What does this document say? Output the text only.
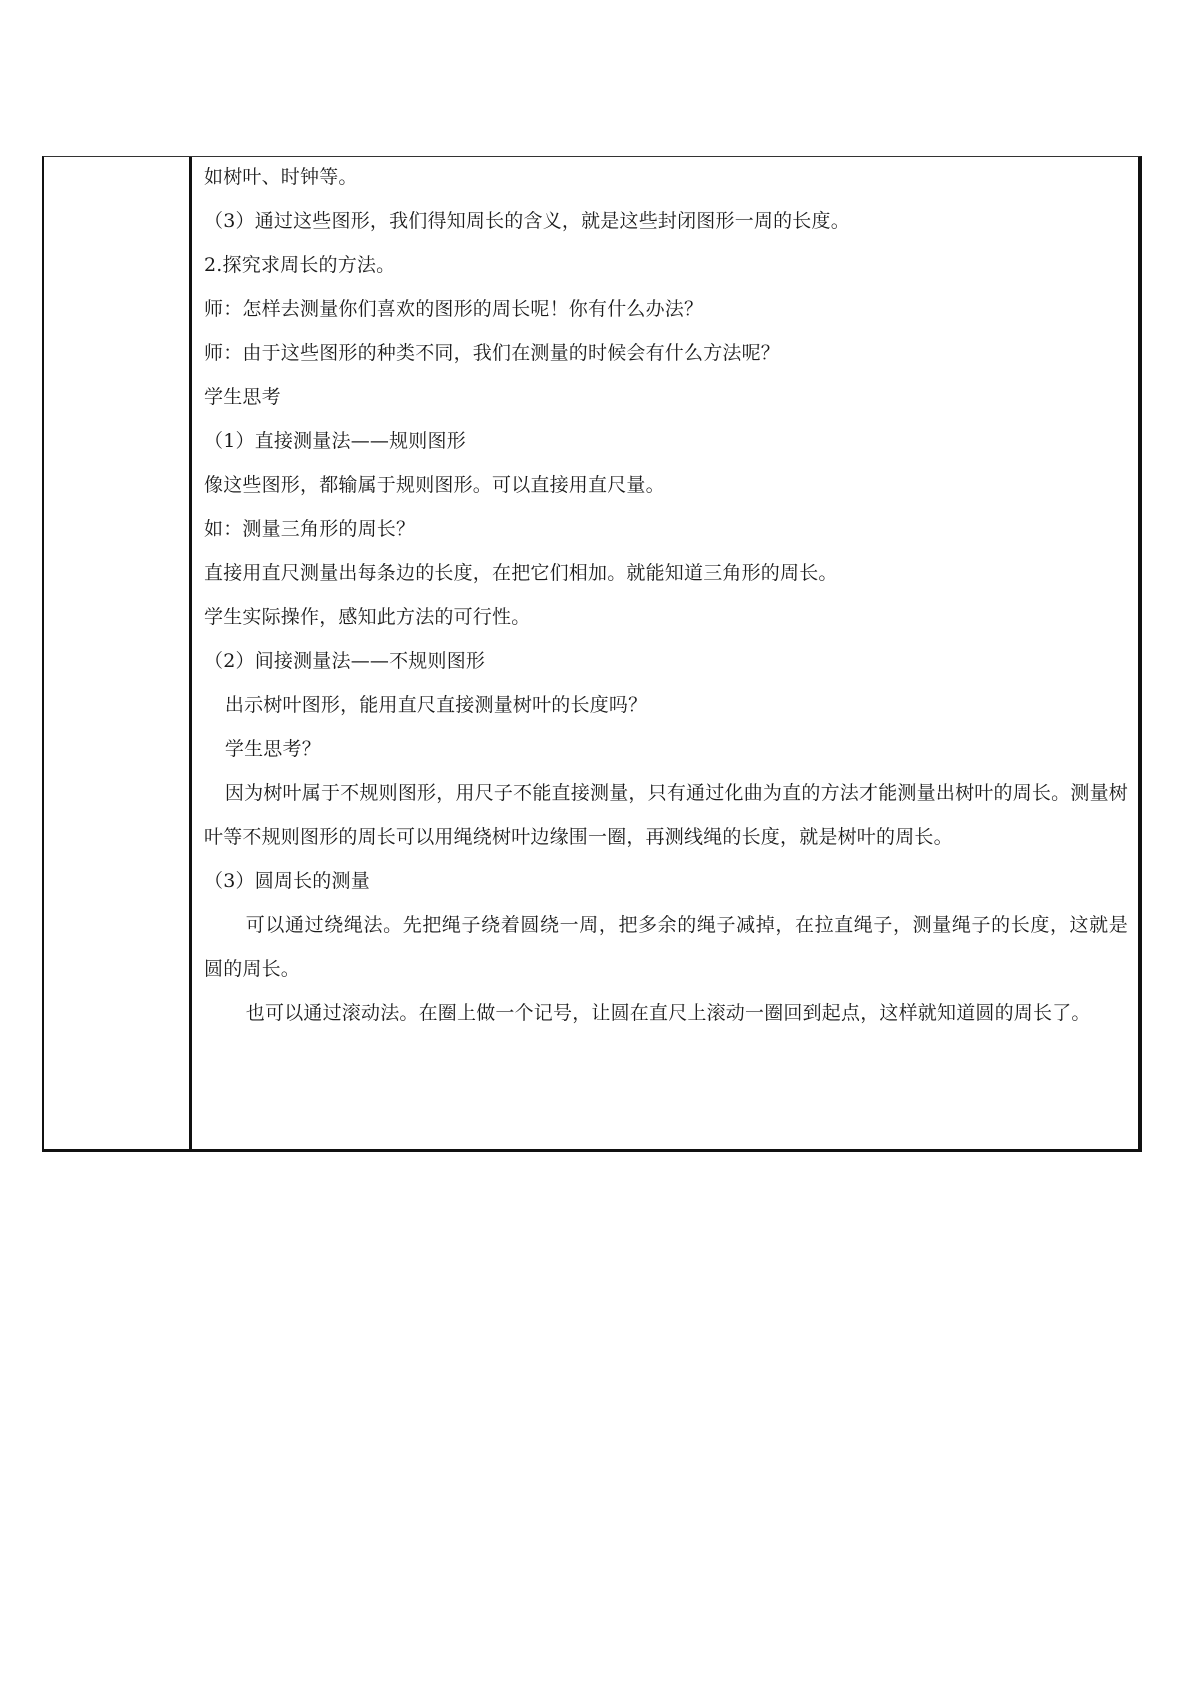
如树叶、时钟等。

（3）通过这些图形，我们得知周长的含义，就是这些封闭图形一周的长度。

2.探究求周长的方法。

师：怎样去测量你们喜欢的图形的周长呢！你有什么办法？

师：由于这些图形的种类不同，我们在测量的时候会有什么方法呢？

学生思考

（1）直接测量法——规则图形

像这些图形，都输属于规则图形。可以直接用直尺量。

如：测量三角形的周长？

直接用直尺测量出每条边的长度，在把它们相加。就能知道三角形的周长。

学生实际操作，感知此方法的可行性。

（2）间接测量法——不规则图形

出示树叶图形，能用直尺直接测量树叶的长度吗？

学生思考？

因为树叶属于不规则图形，用尺子不能直接测量，只有通过化曲为直的方法才能测量出树叶的周长。测量树叶等不规则图形的周长可以用绳绕树叶边缘围一圈，再测线绳的长度，就是树叶的周长。

（3）圆周长的测量

可以通过绕绳法。先把绳子绕着圆绕一周，把多余的绳子减掉，在拉直绳子，测量绳子的长度，这就是圆的周长。

也可以通过滚动法。在圈上做一个记号，让圆在直尺上滚动一圈回到起点，这样就知道圆的周长了。
